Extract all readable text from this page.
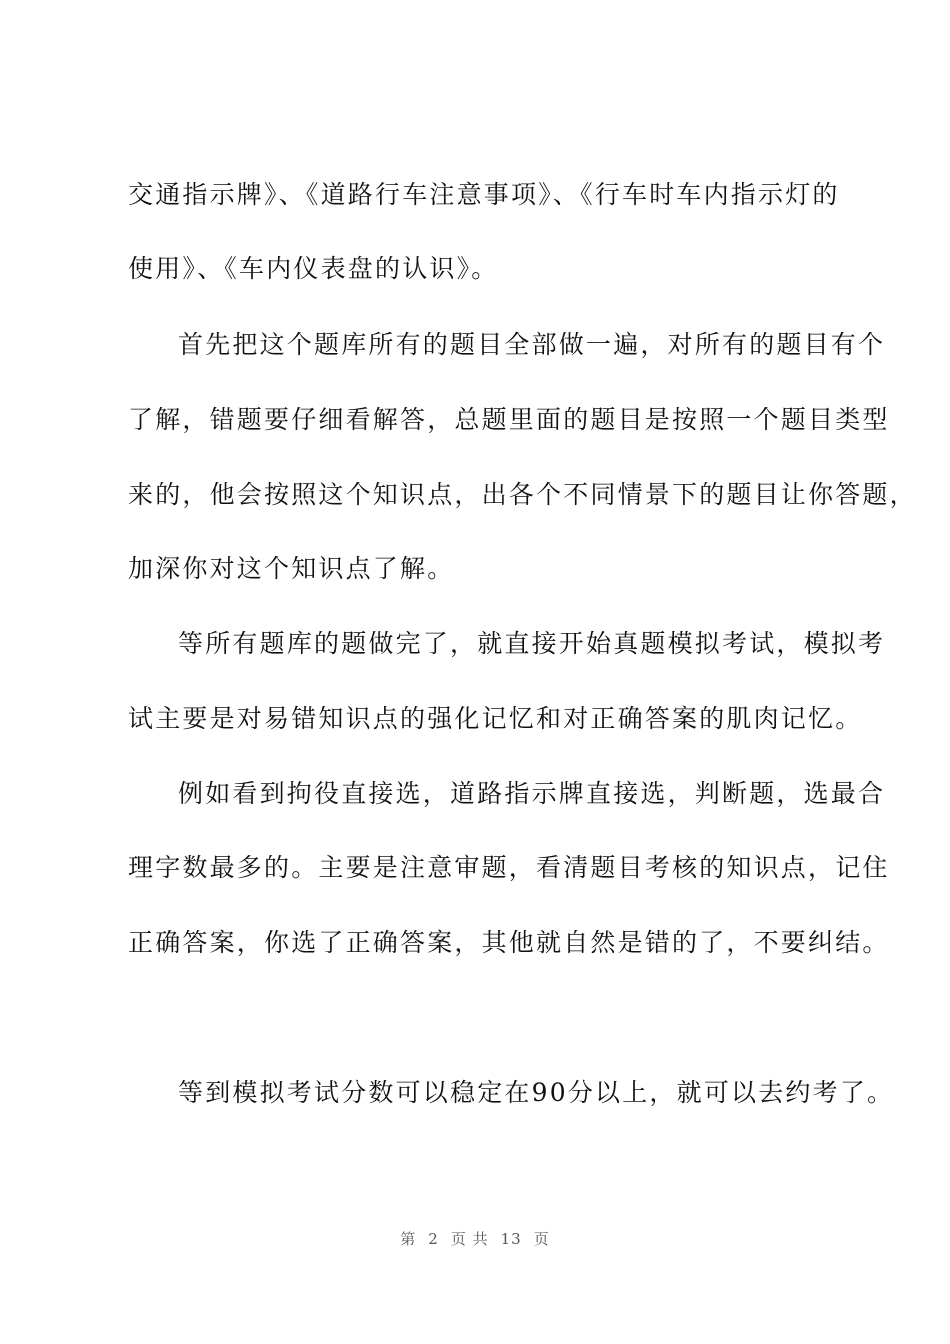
交通指示牌》、《道路行车注意事项》、《行车时车内指示灯的
使用》、《车内仪表盘的认识》。
首先把这个题库所有的题目全部做一遍，对所有的题目有个
了解，错题要仔细看解答，总题里面的题目是按照一个题目类型
来的，他会按照这个知识点，出各个不同情景下的题目让你答题，
加深你对这个知识点了解。
等所有题库的题做完了，就直接开始真题模拟考试，模拟考
试主要是对易错知识点的强化记忆和对正确答案的肌肉记忆。
例如看到拘役直接选，道路指示牌直接选，判断题，选最合
理字数最多的。主要是注意审题，看清题目考核的知识点，记住
正确答案，你选了正确答案，其他就自然是错的了，不要纠结。
等到模拟考试分数可以稳定在90分以上，就可以去约考了。
第 2 页 共 13 页
